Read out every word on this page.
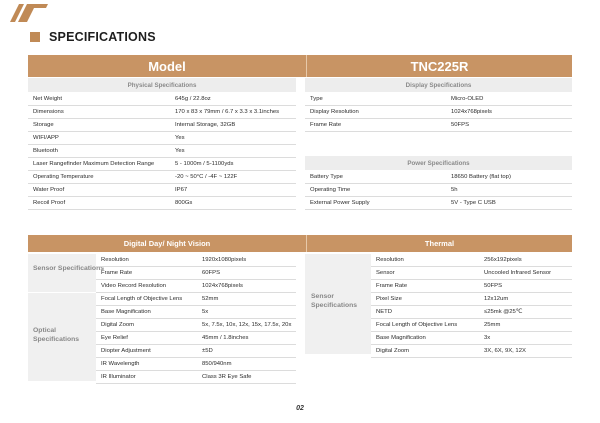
SPECIFICATIONS
Model	TNC225R
Physical Specifications
Net Weight	645g / 22.8oz
Dimensions	170 x 83 x 79mm / 6.7 x 3.3 x 3.1inches
Storage	Internal Storage, 32GB
WIFI/APP	Yes
Bluetooth	Yes
Laser Rangefinder Maximum Detection Range	5 - 1000m / 5-1100yds
Operating Temperature	-20 ~ 50°C / -4F ~ 122F
Water Proof	IP67
Recoil Proof	800Gs
Display Specifications
Type	Micro-OLED
Display Resolution	1024x768pixels
Frame Rate	50FPS
Power Specifications
Battery Type	18650 Battery (flat top)
Operating Time	5h
External Power Supply	5V - Type C USB
Digital Day/ Night Vision
Sensor Specifications
Optical Specifications
Resolution	1920x1080pixels
Frame Rate	60FPS
Video Record Resolution	1024x768pixels
Focal Length of Objective Lens	52mm
Base Magnification	5x
Digital Zoom	5x, 7.5x, 10x, 12x, 15x, 17.5x, 20x
Eye Relief	45mm / 1.8inches
Diopter Adjustment	±5D
IR Wavelength	850/940nm
IR Illuminator	Class 3R Eye Safe
Thermal
Sensor Specifications
Resolution	256x192pixels
Sensor	Uncooled Infrared Sensor
Frame Rate	50FPS
Pixel Size	12x12um
NETD	≤25mk @25℃
Focal Length of Objective Lens	25mm
Base Magnification	3x
Digital Zoom	3X, 6X, 9X, 12X
02
